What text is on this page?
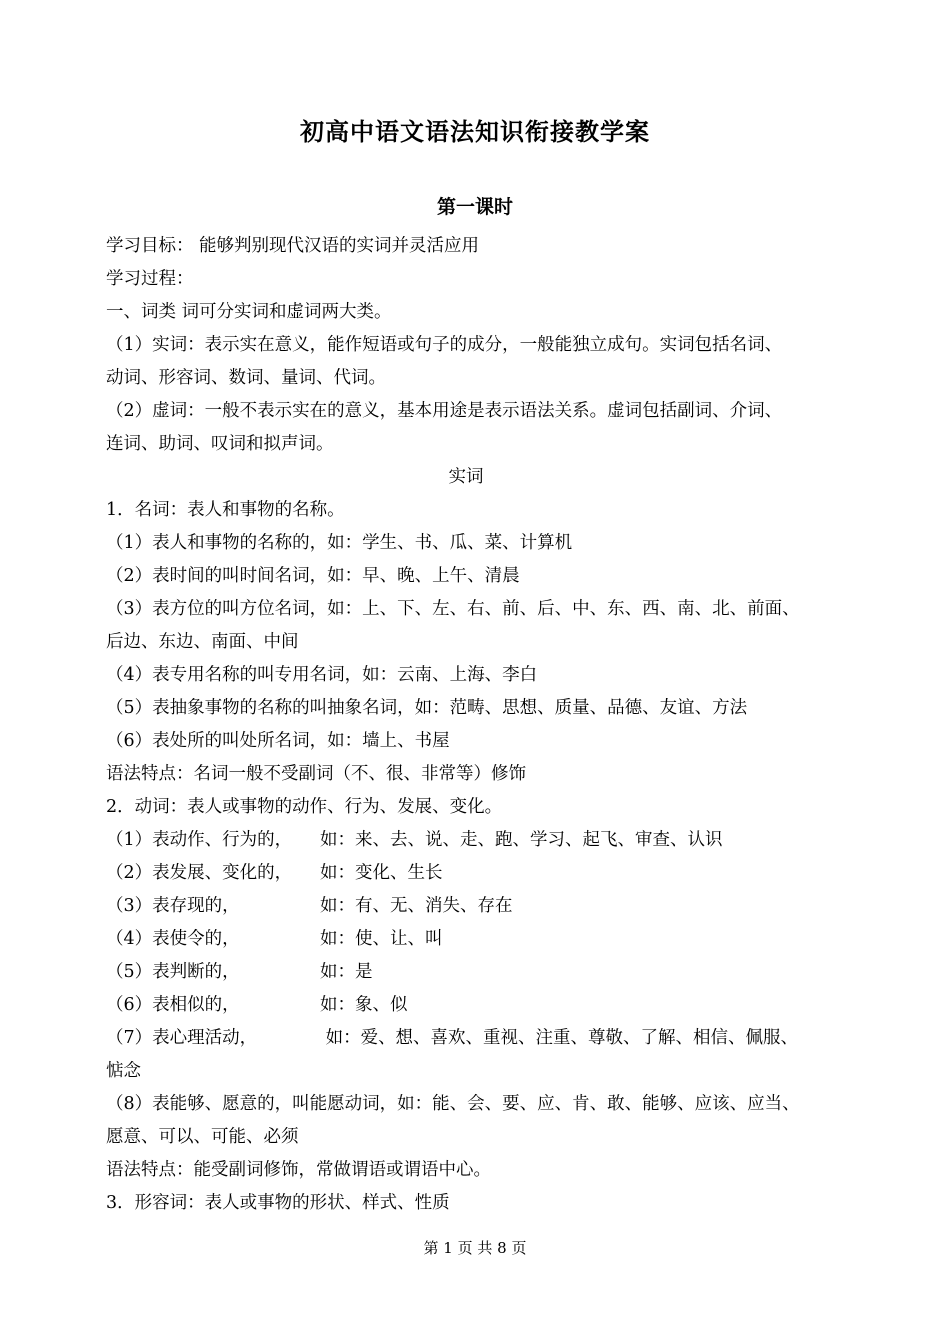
初高中语文语法知识衔接教学案
第一课时
学习目标： 能够判别现代汉语的实词并灵活应用
学习过程：
一、词类 词可分实词和虚词两大类。
（1）实词：表示实在意义，能作短语或句子的成分，一般能独立成句。实词包括名词、
动词、形容词、数词、量词、代词。
（2）虚词：一般不表示实在的意义，基本用途是表示语法关系。虚词包括副词、介词、
连词、助词、叹词和拟声词。
实词
1．名词：表人和事物的名称。
（1）表人和事物的名称的，如：学生、书、瓜、菜、计算机
（2）表时间的叫时间名词，如：早、晚、上午、清晨
（3）表方位的叫方位名词，如：上、下、左、右、前、后、中、东、西、南、北、前面、
后边、东边、南面、中间
（4）表专用名称的叫专用名词，如：云南、上海、李白
（5）表抽象事物的名称的叫抽象名词，如：范畴、思想、质量、品德、友谊、方法
（6）表处所的叫处所名词，如：墙上、书屋
语法特点：名词一般不受副词（不、很、非常等）修饰
2．动词：表人或事物的动作、行为、发展、变化。
（1）表动作、行为的， 如：来、去、说、走、跑、学习、起飞、审查、认识
（2）表发展、变化的， 如：变化、生长
（3）表存现的，	如：有、无、消失、存在
（4）表使令的，	如：使、让、叫
（5）表判断的，	如：是
（6）表相似的，	如：象、似
（7）表心理活动，	如：爱、想、喜欢、重视、注重、尊敬、了解、相信、佩服、
惦念
（8）表能够、愿意的，叫能愿动词，如：能、会、要、应、肯、敢、能够、应该、应当、
愿意、可以、可能、必须
语法特点：能受副词修饰，常做谓语或谓语中心。
3．形容词：表人或事物的形状、样式、性质
第 1 页 共 8 页
